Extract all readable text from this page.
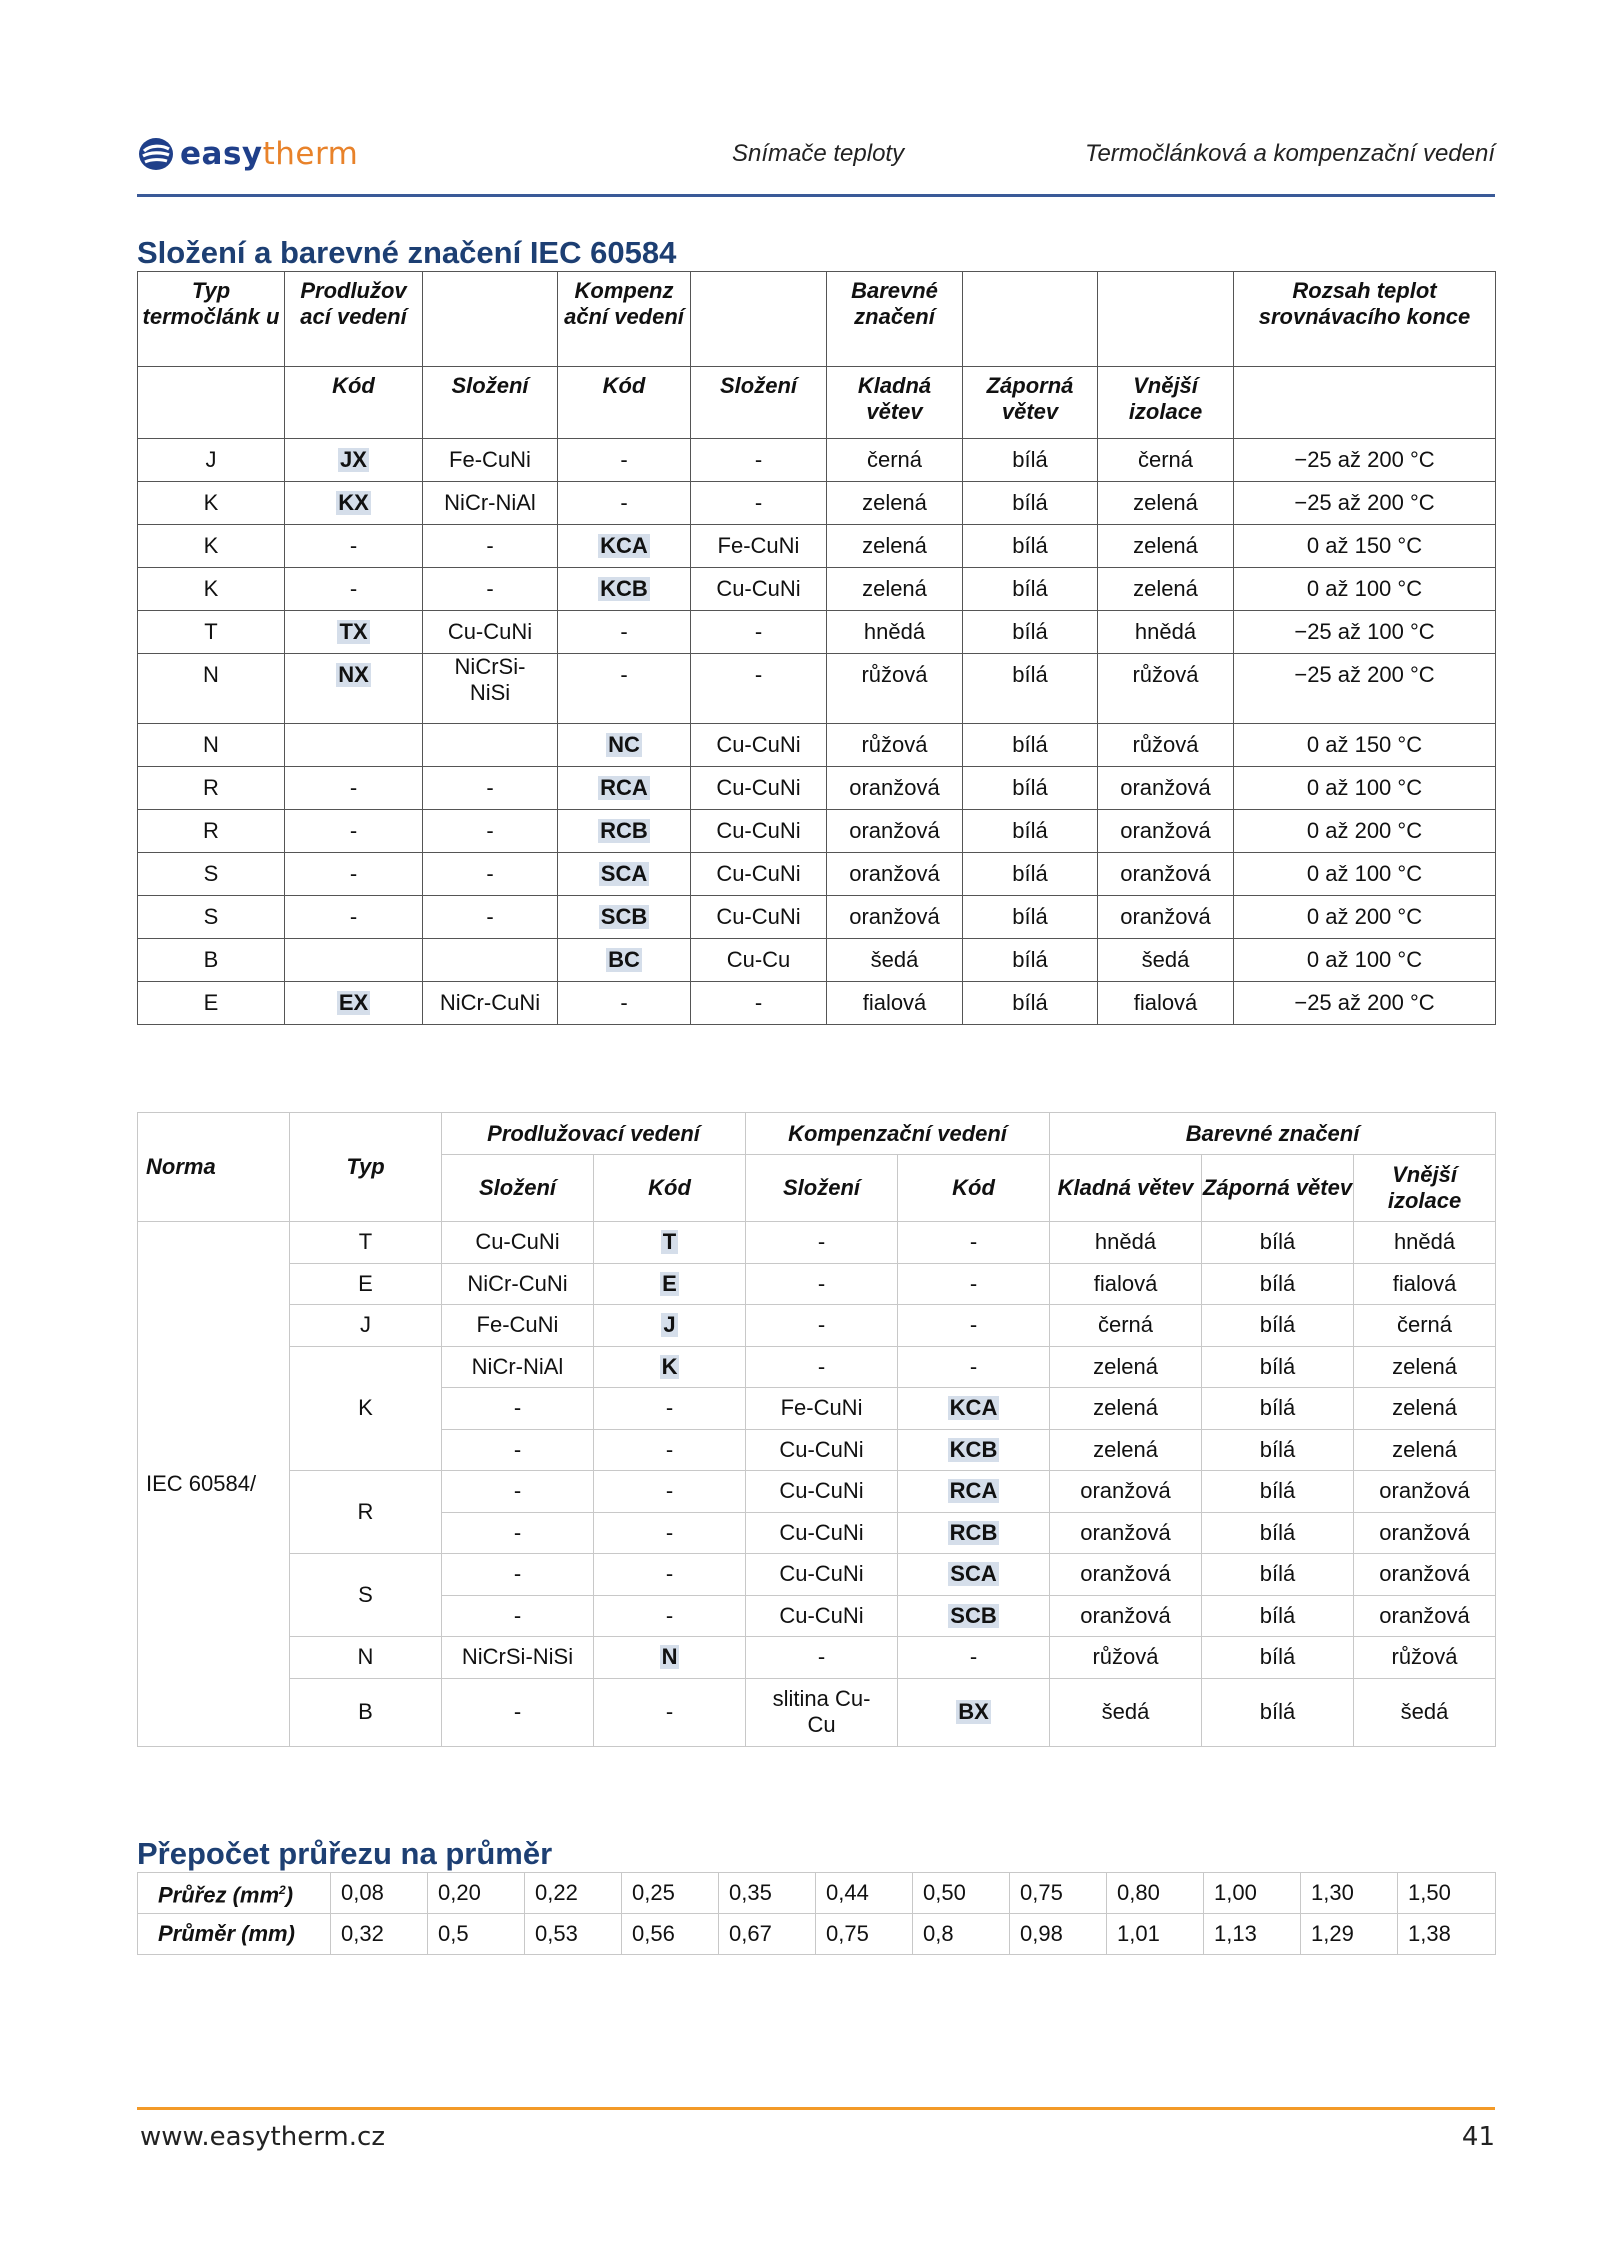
easytherm	Snímače teploty	Termočlánková a kompenzační vedení
Složení a barevné značení IEC 60584
Typ termočlánk u	Prodlužov ací vedení		Kompenz ační vedení		Barevné značení			Rozsah teplot srovnávacího konce
	Kód	Složení	Kód	Složení	Kladná větev	Záporná větev	Vnější izolace	
J	JX	Fe-CuNi	-	-	černá	bílá	černá	−25 až 200 °C
K	KX	NiCr-NiAl	-	-	zelená	bílá	zelená	−25 až 200 °C
K	-	-	KCA	Fe-CuNi	zelená	bílá	zelená	0 až 150 °C
K	-	-	KCB	Cu-CuNi	zelená	bílá	zelená	0 až 100 °C
T	TX	Cu-CuNi	-	-	hnědá	bílá	hnědá	−25 až 100 °C
N	NX	NiCrSi-NiSi	-	-	růžová	bílá	růžová	−25 až 200 °C
N			NC	Cu-CuNi	růžová	bílá	růžová	0 až 150 °C
R	-	-	RCA	Cu-CuNi	oranžová	bílá	oranžová	0 až 100 °C
R	-	-	RCB	Cu-CuNi	oranžová	bílá	oranžová	0 až 200 °C
S	-	-	SCA	Cu-CuNi	oranžová	bílá	oranžová	0 až 100 °C
S	-	-	SCB	Cu-CuNi	oranžová	bílá	oranžová	0 až 200 °C
B			BC	Cu-Cu	šedá	bílá	šedá	0 až 100 °C
E	EX	NiCr-CuNi	-	-	fialová	bílá	fialová	−25 až 200 °C
Norma	Typ	Prodlužovací vedení		Kompenzační vedení		Barevné značení		
		Složení	Kód	Složení	Kód	Kladná větev	Záporná větev	Vnější izolace
IEC 60584/	T	Cu-CuNi	T	-	-	hnědá	bílá	hnědá
	E	NiCr-CuNi	E	-	-	fialová	bílá	fialová
	J	Fe-CuNi	J	-	-	černá	bílá	černá
	K	NiCr-NiAl	K	-	-	zelená	bílá	zelená
		-	-	Fe-CuNi	KCA	zelená	bílá	zelená
		-	-	Cu-CuNi	KCB	zelená	bílá	zelená
	R	-	-	Cu-CuNi	RCA	oranžová	bílá	oranžová
		-	-	Cu-CuNi	RCB	oranžová	bílá	oranžová
	S	-	-	Cu-CuNi	SCA	oranžová	bílá	oranžová
		-	-	Cu-CuNi	SCB	oranžová	bílá	oranžová
	N	NiCrSi-NiSi	N	-	-	růžová	bílá	růžová
	B	-	-	slitina Cu-Cu	BX	šedá	bílá	šedá
Přepočet průřezu na průměr
Průřez $(mm^2)$	0,08	0,20	0,22	0,25	0,35	0,44	0,50	0,75	0,80	1,00	1,30	1,50
Průměr (mm)	0,32	0,5	0,53	0,56	0,67	0,75	0,8	0,98	1,01	1,13	1,29	1,38
www.easytherm.cz	41
